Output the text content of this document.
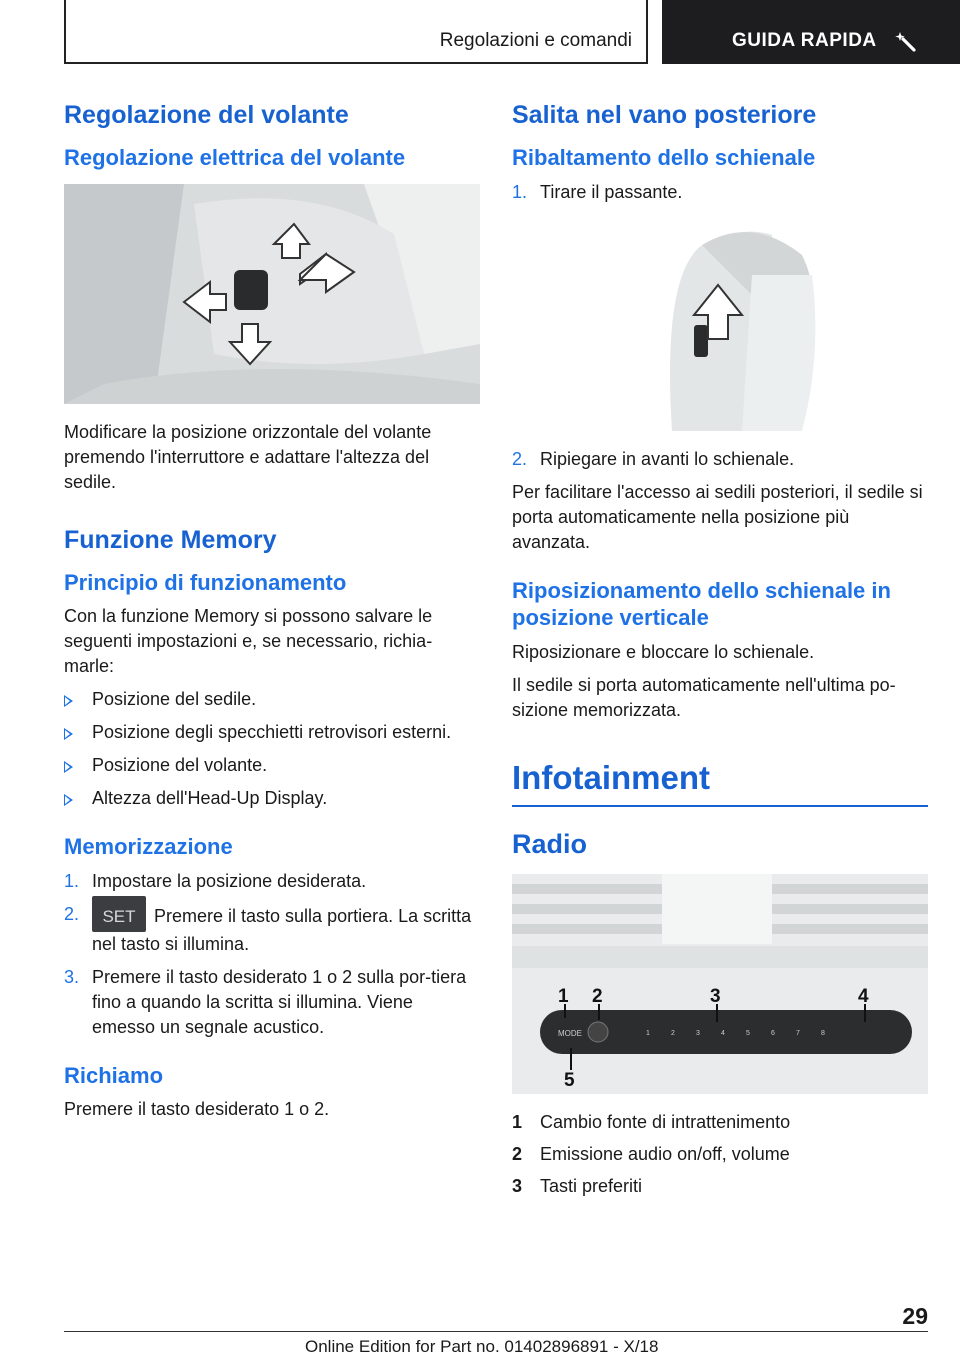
Regolazioni e comandi	GUIDA RAPIDA
Regolazione del volante
Regolazione elettrica del volante

Modificare la posizione orizzontale del volante premendo l'interruttore e adattare l'altezza del sedile.

Funzione Memory
Principio di funzionamento

Con la funzione Memory si possono salvare le seguenti impostazioni e, se necessario, richia-marle:

Posizione del sedile.
Posizione degli specchietti retrovisori esterni.
Posizione del volante.
Altezza dell'Head-Up Display.
Memorizzazione
1. Impostare la posizione desiderata.
2.	SET	Premere il tasto sulla portiera. La scritta nel tasto si illumina.
3. Premere il tasto desiderato 1 o 2 sulla por-tiera fino a quando la scritta si illumina. Viene emesso un segnale acustico.
Richiamo

Premere il tasto desiderato 1 o 2.

Salita nel vano posteriore
Ribaltamento dello schienale
1. Tirare il passante.
2. Ripiegare in avanti lo schienale.

Per facilitare l'accesso ai sedili posteriori, il sedile si porta automaticamente nella posizione più avanzata.

Riposizionamento dello schienale in posizione verticale

Riposizionare e bloccare lo schienale.

Il sedile si porta automaticamente nell'ultima po-sizione memorizzata.

Infotainment
Radio
MODE	1	2	3	4	5	6	7	8
1 2	3	4
5
1 Cambio fonte di intrattenimento
2 Emissione audio on/off, volume
3 Tasti preferiti
29
Online Edition for Part no. 01402896891 - X/18
